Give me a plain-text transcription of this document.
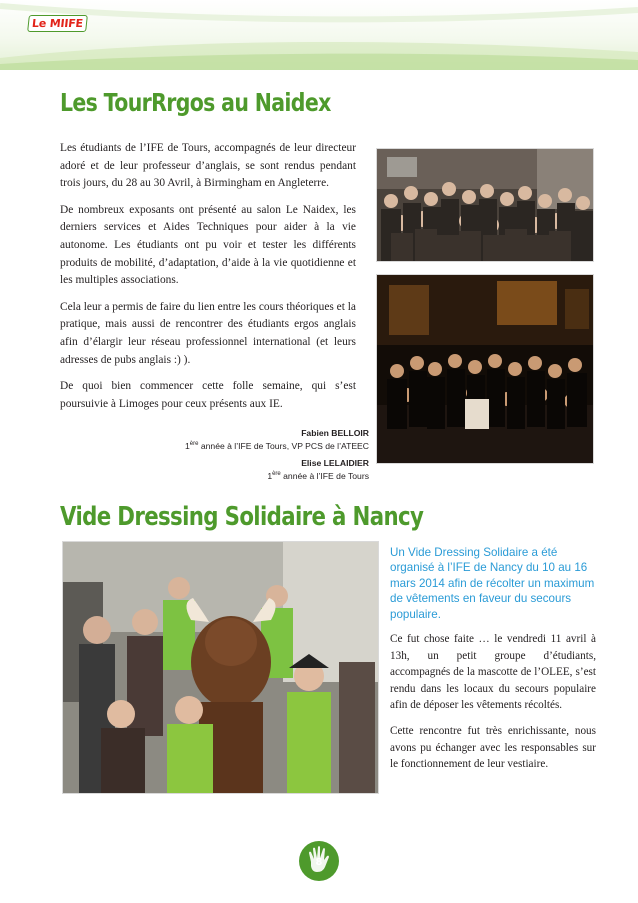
Le MIIFE
Les TourRrgos au Naidex

Les étudiants de l’IFE de Tours, accompagnés de leur directeur adoré et de leur professeur d’anglais, se sont rendus pendant trois jours, du 28 au 30 Avril, à Birmingham en Angleterre.

De nombreux exposants ont présenté au salon Le Naidex, les derniers services et Aides Techniques pour aider à la vie autonome. Les étudiants ont pu voir et tester les différents produits de mobilité, d’adaptation, d’aide à la vie quotidienne et les multiples associations.

Cela leur a permis de faire du lien entre les cours théoriques et la pratique, mais aussi de rencontrer des étudiants ergos anglais afin d’élargir leur réseau professionnel international (et leurs adresses de pubs anglais :) ).

De quoi bien commencer cette folle semaine, qui s’est poursuivie à Limoges pour ceux présents aux IE.

Fabien BELLOIR
1ère année à l’IFE de Tours, VP PCS de l’ATEEC
Elise LELAIDIER
1ère année à l’IFE de Tours
Vide Dressing Solidaire à Nancy
Un Vide Dressing Solidaire a été organisé à l’IFE de Nancy du 10 au 16 mars 2014 afin de récolter un maximum de vêtements en faveur du secours populaire.

Ce fut chose faite … le vendredi 11 avril à 13h, un petit groupe d’étudiants, accompagnés de la mascotte de l’OLEE, s’est rendu dans les locaux du secours populaire afin de déposer les vêtements récoltés.

Cette rencontre fut très enrichissante, nous avons pu échanger avec les responsables sur le fonctionnement de leur vestiaire.

8
